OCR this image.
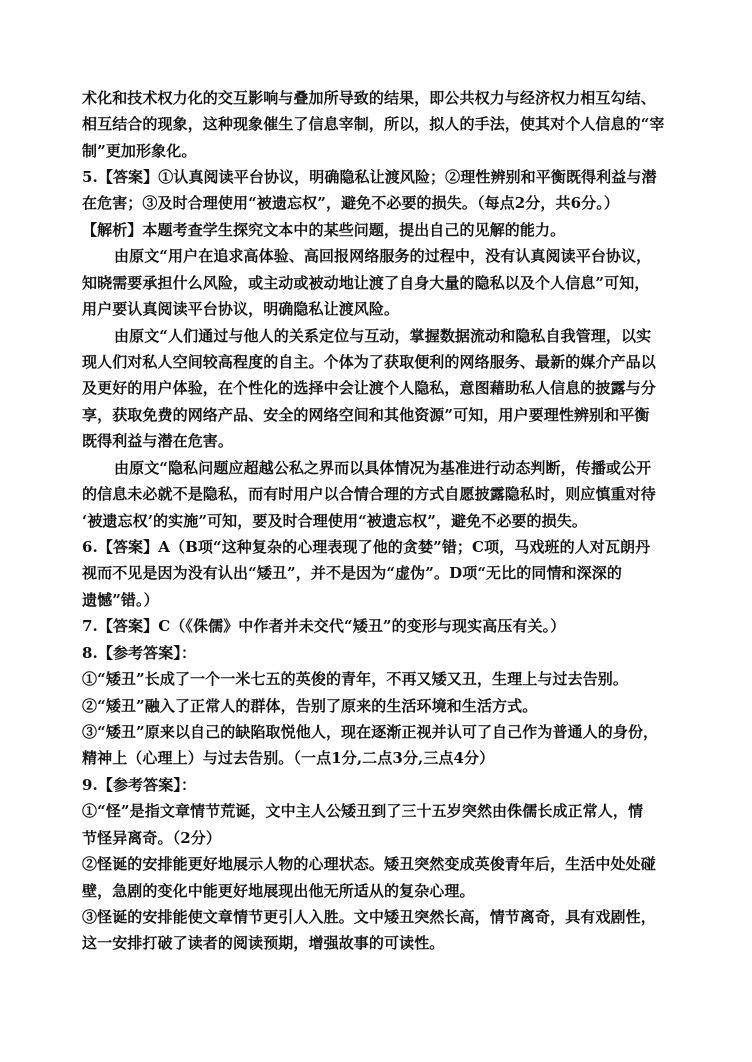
术化和技术权力化的交互影响与叠加所导致的结果，即公共权力与经济权力相互勾结、
相互结合的现象，这种现象催生了信息宰制，所以，拟人的手法，使其对个人信息的“宰
制”更加形象化。
5.【答案】①认真阅读平台协议，明确隐私让渡风险；②理性辨别和平衡既得利益与潜
在危害；③及时合理使用“被遗忘权”，避免不必要的损失。（每点2分，共6分。）
【解析】本题考查学生探究文本中的某些问题，提出自己的见解的能力。
由原文“用户在追求高体验、高回报网络服务的过程中，没有认真阅读平台协议，
知晓需要承担什么风险，或主动或被动地让渡了自身大量的隐私以及个人信息”可知，
用户要认真阅读平台协议，明确隐私让渡风险。
由原文“人们通过与他人的关系定位与互动，掌握数据流动和隐私自我管理，以实
现人们对私人空间较高程度的自主。个体为了获取便利的网络服务、最新的媒介产品以
及更好的用户体验，在个性化的选择中会让渡个人隐私，意图藉助私人信息的披露与分
享，获取免费的网络产品、安全的网络空间和其他资源”可知，用户要理性辨别和平衡
既得利益与潜在危害。
由原文“隐私问题应超越公私之界而以具体情况为基准进行动态判断，传播或公开
的信息未必就不是隐私，而有时用户以合情合理的方式自愿披露隐私时，则应慎重对待
‘被遗忘权’的实施”可知，要及时合理使用“被遗忘权”，避免不必要的损失。
6.【答案】A（B项“这种复杂的心理表现了他的贪婪”错；C项，马戏班的人对瓦朗丹
视而不见是因为没有认出“矮丑”，并不是因为“虚伪”。D项“无比的同情和深深的
遗憾”错。）
7.【答案】C（《侏儒》中作者并未交代“矮丑”的变形与现实高压有关。）
8.【参考答案】：
①“矮丑”长成了一个一米七五的英俊的青年，不再又矮又丑，生理上与过去告别。
②“矮丑”融入了正常人的群体，告别了原来的生活环境和生活方式。
③“矮丑”原来以自己的缺陷取悦他人，现在逐渐正视并认可了自己作为普通人的身份，
精神上（心理上）与过去告别。（一点1分,二点3分,三点4分）
9.【参考答案】：
①“怪”是指文章情节荒诞，文中主人公矮丑到了三十五岁突然由侏儒长成正常人，情
节怪异离奇。（2分）
②怪诞的安排能更好地展示人物的心理状态。矮丑突然变成英俊青年后，生活中处处碰
壁，急剧的变化中能更好地展现出他无所适从的复杂心理。
③怪诞的安排能使文章情节更引人入胜。文中矮丑突然长高，情节离奇，具有戏剧性，
这一安排打破了读者的阅读预期，增强故事的可读性。
